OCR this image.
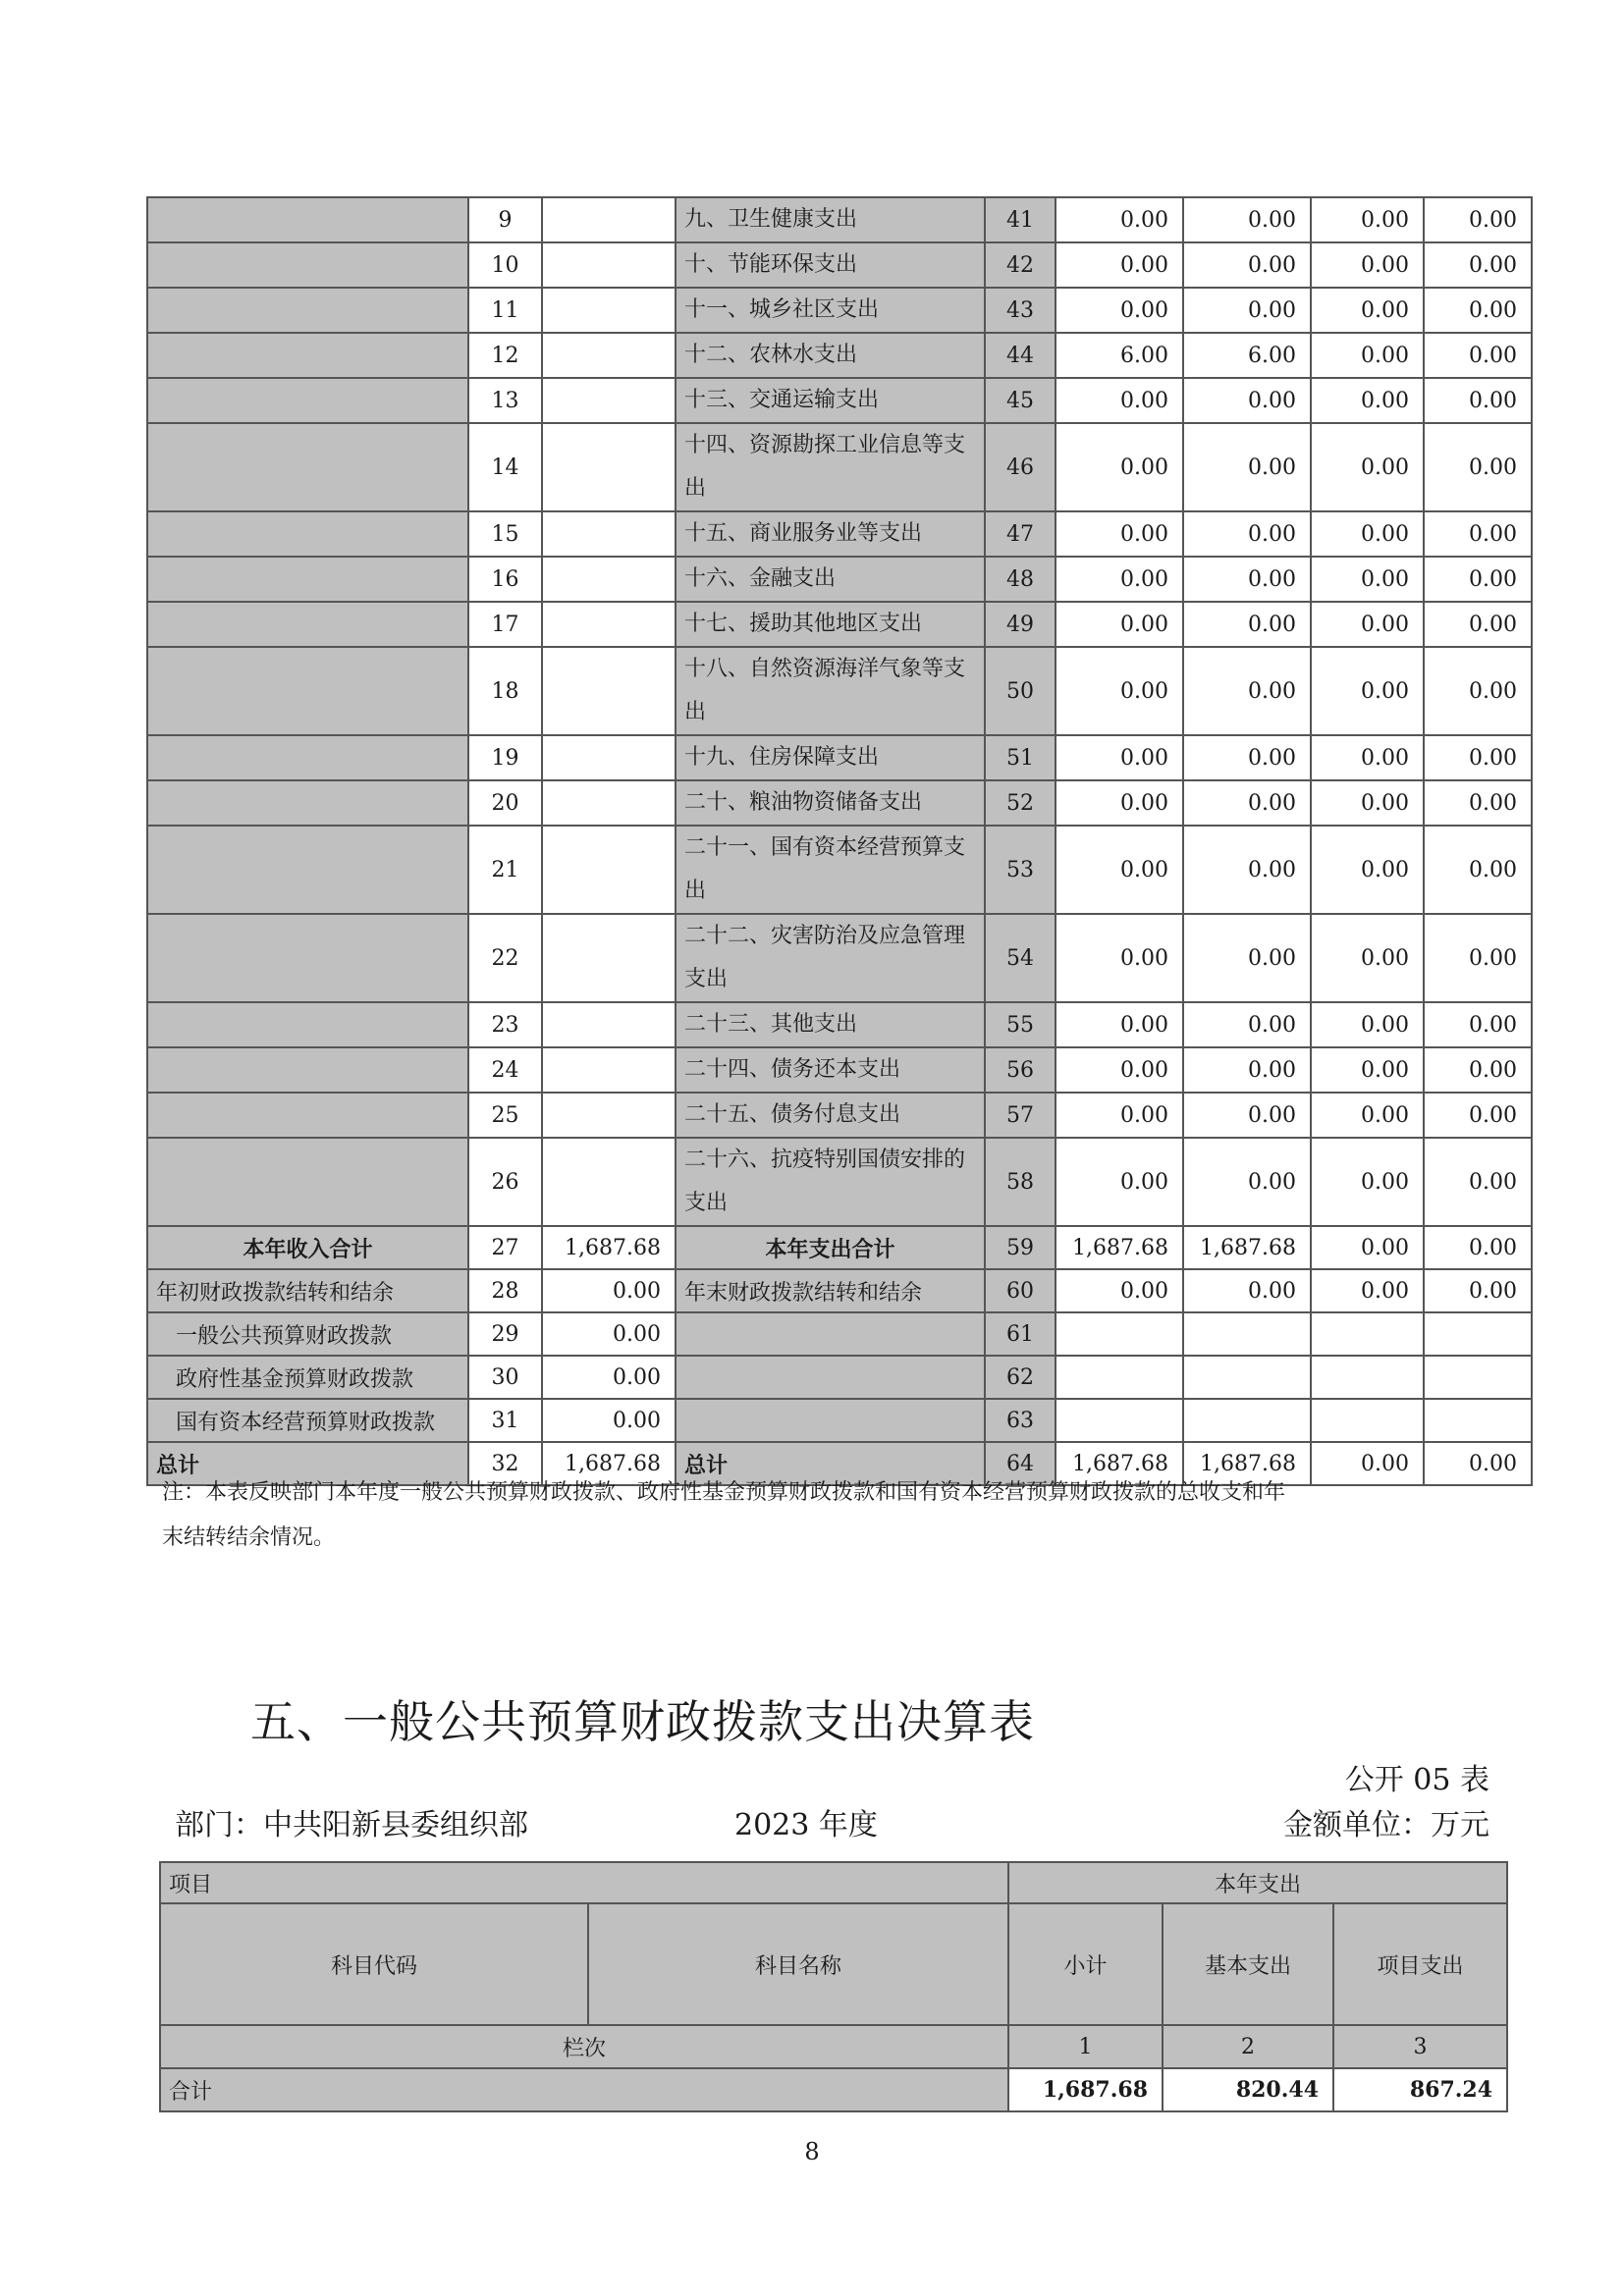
	9		九、卫生健康支出	41	0.00	0.00	0.00	0.00
	10		十、节能环保支出	42	0.00	0.00	0.00	0.00
	11		十一、城乡社区支出	43	0.00	0.00	0.00	0.00
	12		十二、农林水支出	44	6.00	6.00	0.00	0.00
	13		十三、交通运输支出	45	0.00	0.00	0.00	0.00
	14		十四、资源勘探工业信息等支出	46	0.00	0.00	0.00	0.00
	15		十五、商业服务业等支出	47	0.00	0.00	0.00	0.00
	16		十六、金融支出	48	0.00	0.00	0.00	0.00
	17		十七、援助其他地区支出	49	0.00	0.00	0.00	0.00
	18		十八、自然资源海洋气象等支出	50	0.00	0.00	0.00	0.00
	19		十九、住房保障支出	51	0.00	0.00	0.00	0.00
	20		二十、粮油物资储备支出	52	0.00	0.00	0.00	0.00
	21		二十一、国有资本经营预算支出	53	0.00	0.00	0.00	0.00
	22		二十二、灾害防治及应急管理支出	54	0.00	0.00	0.00	0.00
	23		二十三、其他支出	55	0.00	0.00	0.00	0.00
	24		二十四、债务还本支出	56	0.00	0.00	0.00	0.00
	25		二十五、债务付息支出	57	0.00	0.00	0.00	0.00
	26		二十六、抗疫特别国债安排的支出	58	0.00	0.00	0.00	0.00
本年收入合计	27	1,687.68	本年支出合计	59	1,687.68	1,687.68	0.00	0.00
年初财政拨款结转和结余	28	0.00	年末财政拨款结转和结余	60	0.00	0.00	0.00	0.00
一般公共预算财政拨款	29	0.00		61				
政府性基金预算财政拨款	30	0.00		62				
国有资本经营预算财政拨款	31	0.00		63				
总计	32	1,687.68	总计	64	1,687.68	1,687.68	0.00	0.00
注：本表反映部门本年度一般公共预算财政拨款、政府性基金预算财政拨款和国有资本经营预算财政拨款的总收支和年
末结转结余情况。
五、一般公共预算财政拨款支出决算表
公开 05 表
部门：中共阳新县委组织部	2023 年度	金额单位：万元
项目		本年支出		
科目代码	科目名称	小计	基本支出	项目支出
栏次		1	2	3
合计		1,687.68	820.44	867.24
8
